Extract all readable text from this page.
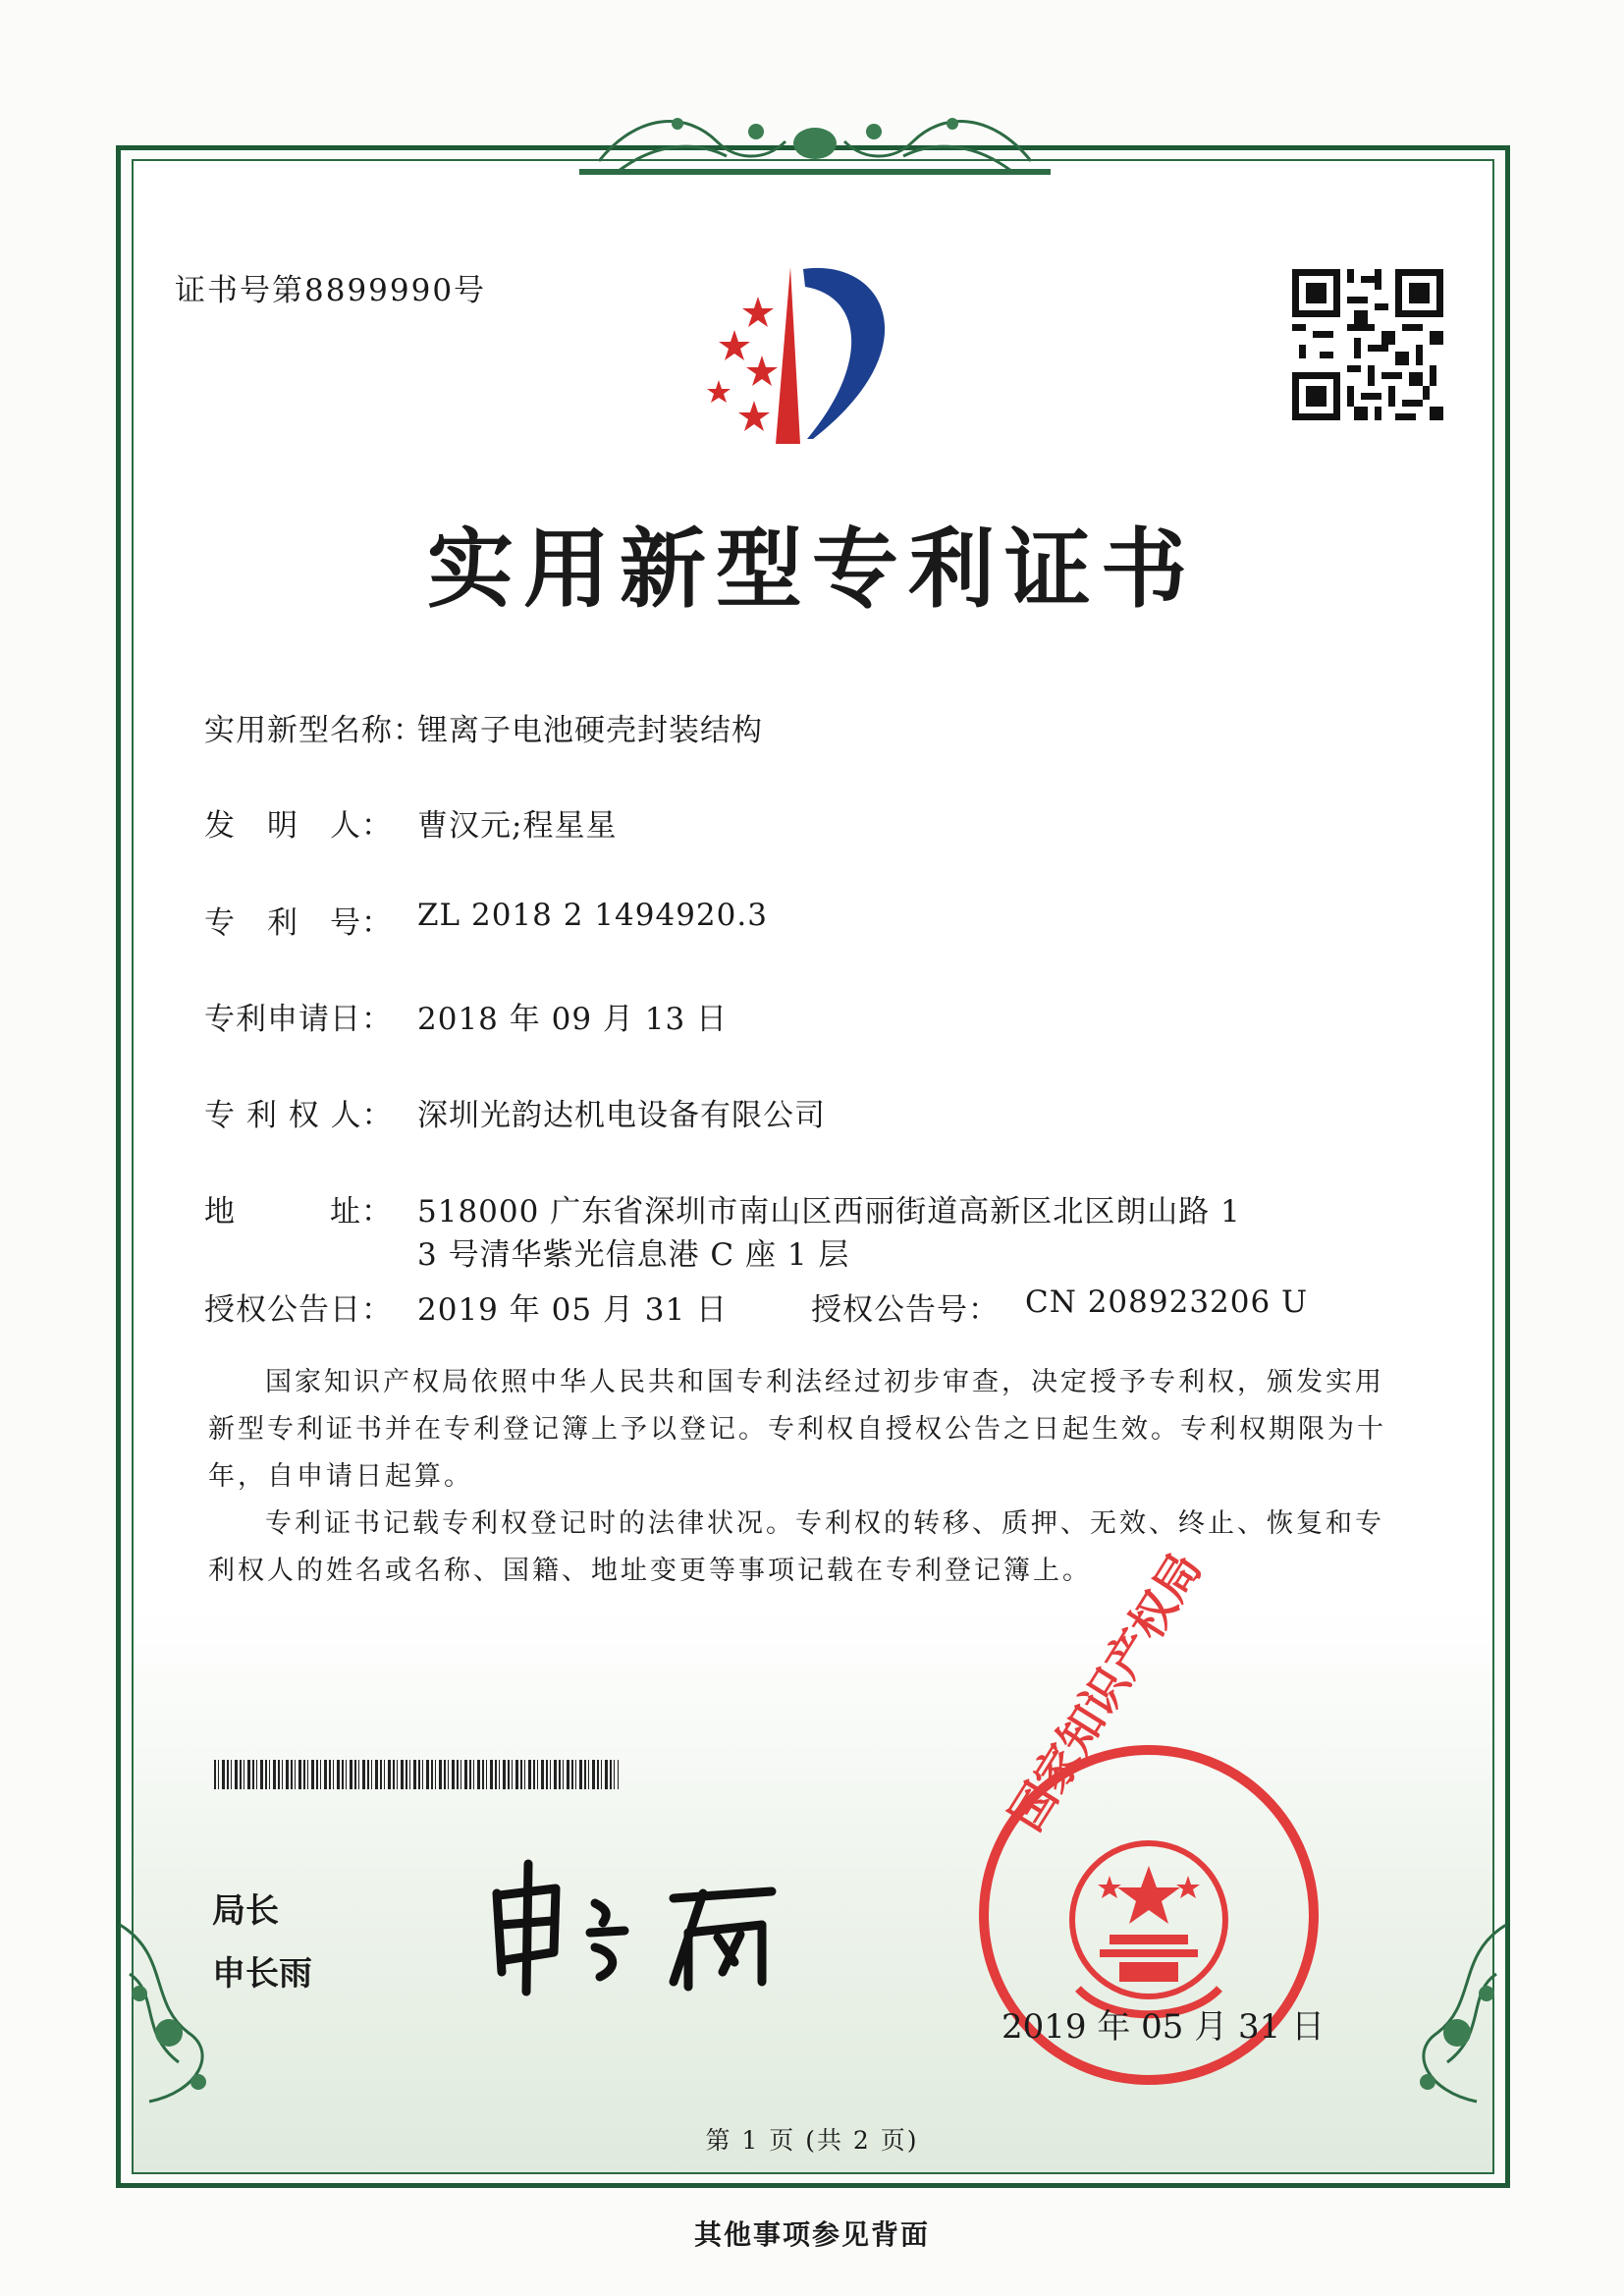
证书号第8899990号
实用新型专利证书
实用新型名称：
锂离子电池硬壳封装结构
发　明　人： 曹汉元;程星星
专　利　号： ZL 2018 2 1494920.3
专利申请日： 2018 年 09 月 13 日
专 利 权 人： 深圳光韵达机电设备有限公司
地　　　址： 518000 广东省深圳市南山区西丽街道高新区北区朗山路 1
3 号清华紫光信息港 C 座 1 层
授权公告日： 2019 年 05 月 31 日	授权公告号： CN 208923206 U
国家知识产权局依照中华人民共和国专利法经过初步审查，决定授予专利权，颁发实用
新型专利证书并在专利登记簿上予以登记。专利权自授权公告之日起生效。专利权期限为十
年，自申请日起算。
专利证书记载专利权登记时的法律状况。专利权的转移、质押、无效、终止、恢复和专
利权人的姓名或名称、国籍、地址变更等事项记载在专利登记簿上。
局长
申长雨
2019 年 05 月 31 日
第 1 页 (共 2 页)
其他事项参见背面
